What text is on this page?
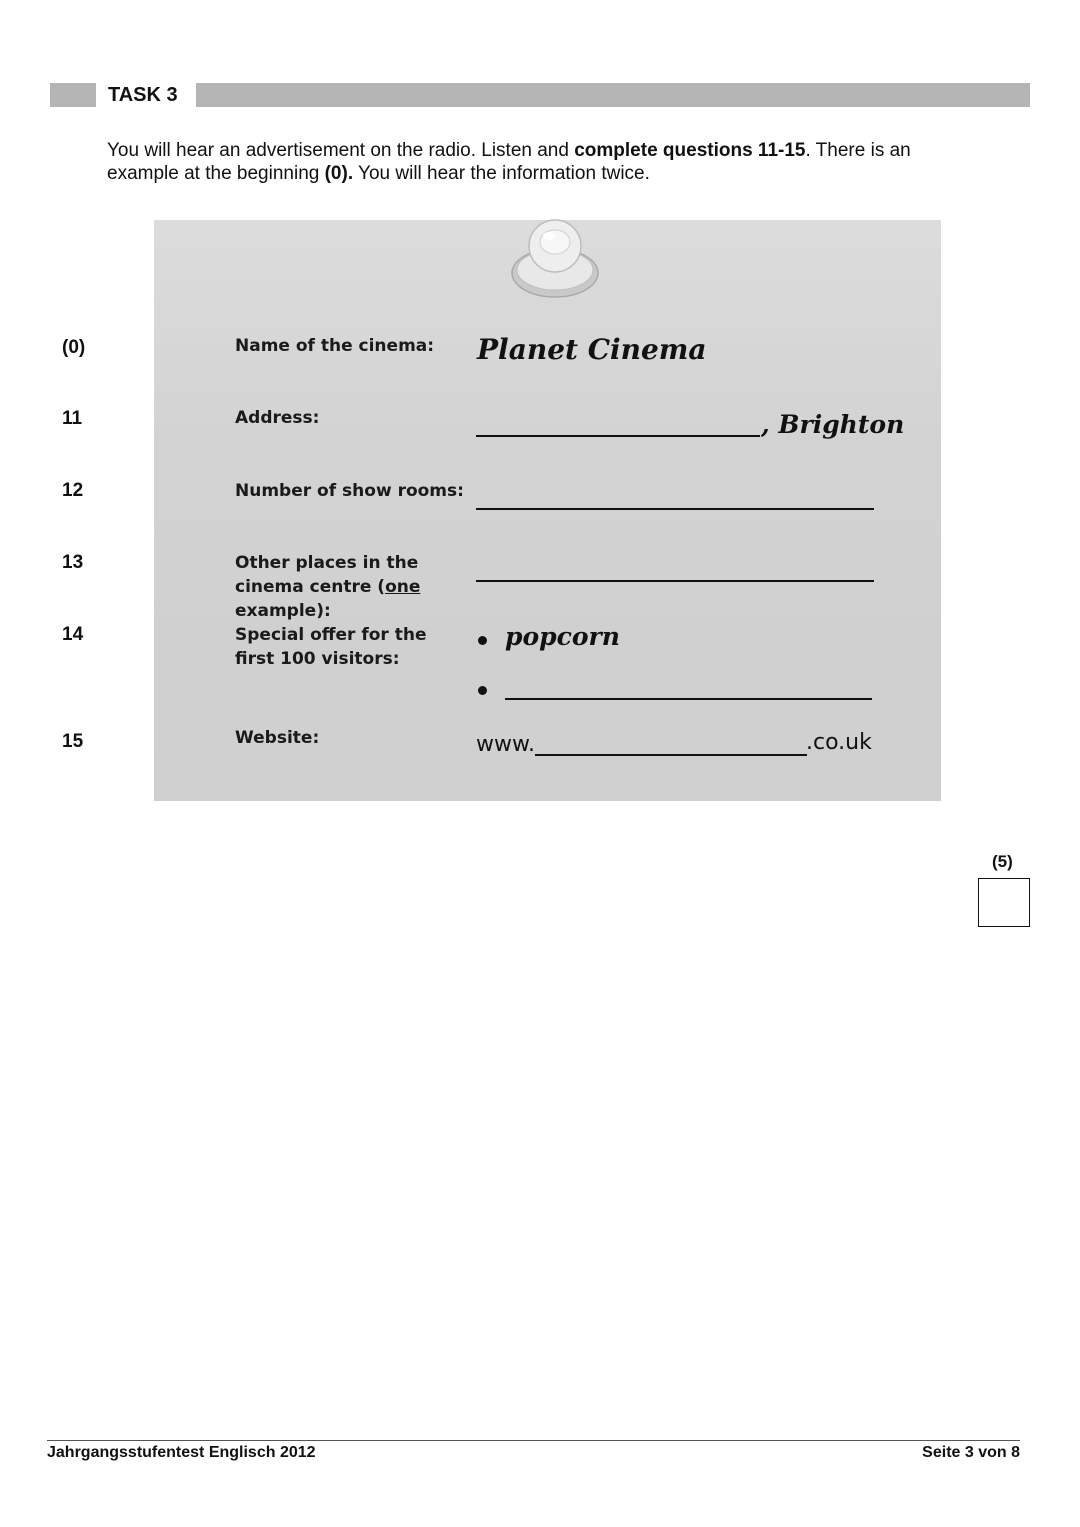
TASK 3
You will hear an advertisement on the radio. Listen and complete questions 11-15. There is an example at the beginning (0). You will hear the information twice.
(0)	Name of the cinema:	Planet Cinema
11	Address:	, Brighton
12	Number of show rooms:
13	Other places in the cinema centre (one example):
14	Special offer for the first 100 visitors:
popcorn
15	Website:	www.	.co.uk
(5)
Jahrgangsstufentest Englisch 2012	Seite 3 von 8
